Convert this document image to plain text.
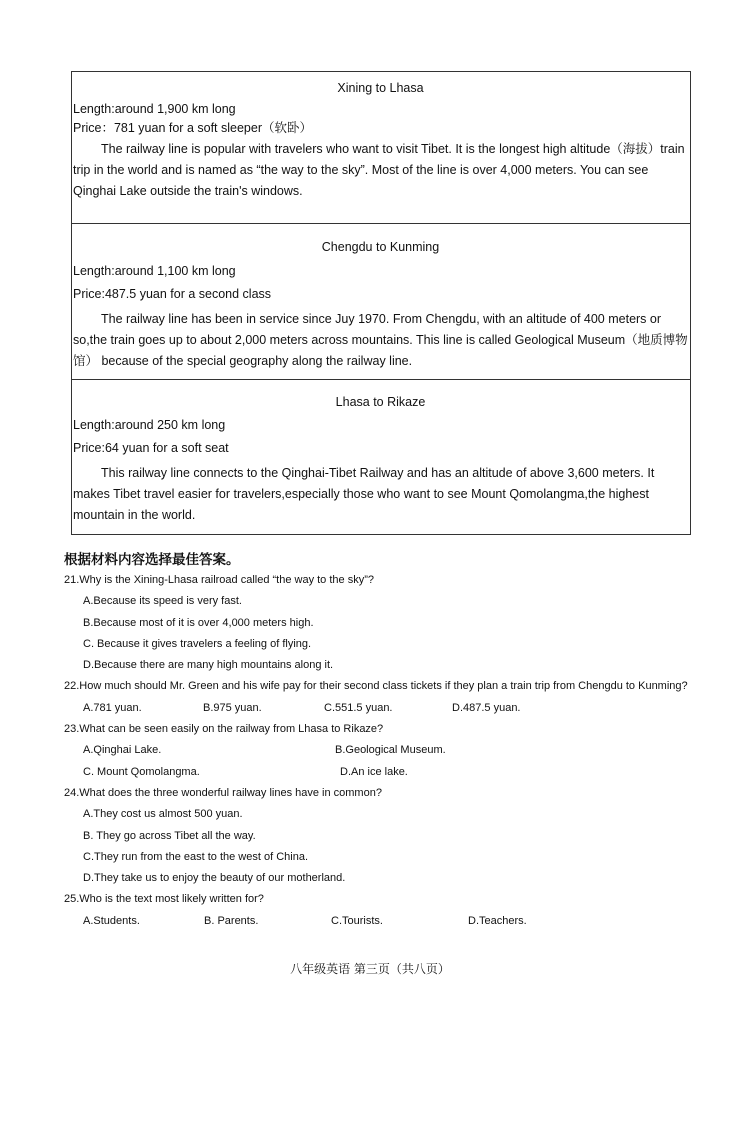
Xining to Lhasa
Length:around 1,900 km long
Price：781 yuan for a soft sleeper（软卧）
The railway line is popular with travelers who want to visit Tibet. It is the longest high altitude（海拔）train trip in the world and is named as “the way to the sky”. Most of the line is over 4,000 meters. You can see Qinghai Lake outside the train's windows.
Chengdu to Kunming
Length:around 1,100 km long
Price:487.5 yuan for a second class
The railway line has been in service since Juy 1970. From Chengdu, with an altitude of 400 meters or so,the train goes up to about 2,000 meters across mountains. This line is called Geological Museum（地质博物馆） because of the special geography along the railway line.
Lhasa to Rikaze
Length:around 250 km long
Price:64 yuan for a soft seat
This railway line connects to the Qinghai-Tibet Railway and has an altitude of above 3,600 meters. It makes Tibet travel easier for travelers,especially those who want to see Mount Qomolangma,the highest mountain in the world.
根据材料内容选择最佳答案。
21.Why is the Xining-Lhasa railroad called “the way to the sky”?
A.Because its speed is very fast.
B.Because most of it is over 4,000 meters high.
C. Because it gives travelers a feeling of flying.
D.Because there are many high mountains along it.
22.How much should Mr. Green and his wife pay for their second class tickets if they plan a train trip from Chengdu to Kunming?
A.781 yuan.	B.975 yuan.	C.551.5 yuan.	D.487.5 yuan.
23.What can be seen easily on the railway from Lhasa to Rikaze?
A.Qinghai Lake.	B.Geological Museum.
C. Mount Qomolangma.	D.An ice lake.
24.What does the three wonderful railway lines have in common?
A.They cost us almost 500 yuan.
B. They go across Tibet all the way.
C.They run from the east to the west of China.
D.They take us to enjoy the beauty of our motherland.
25.Who is the text most likely written for?
A.Students.	B. Parents.	C.Tourists.	D.Teachers.
八年级英语 第三页（共八页）
